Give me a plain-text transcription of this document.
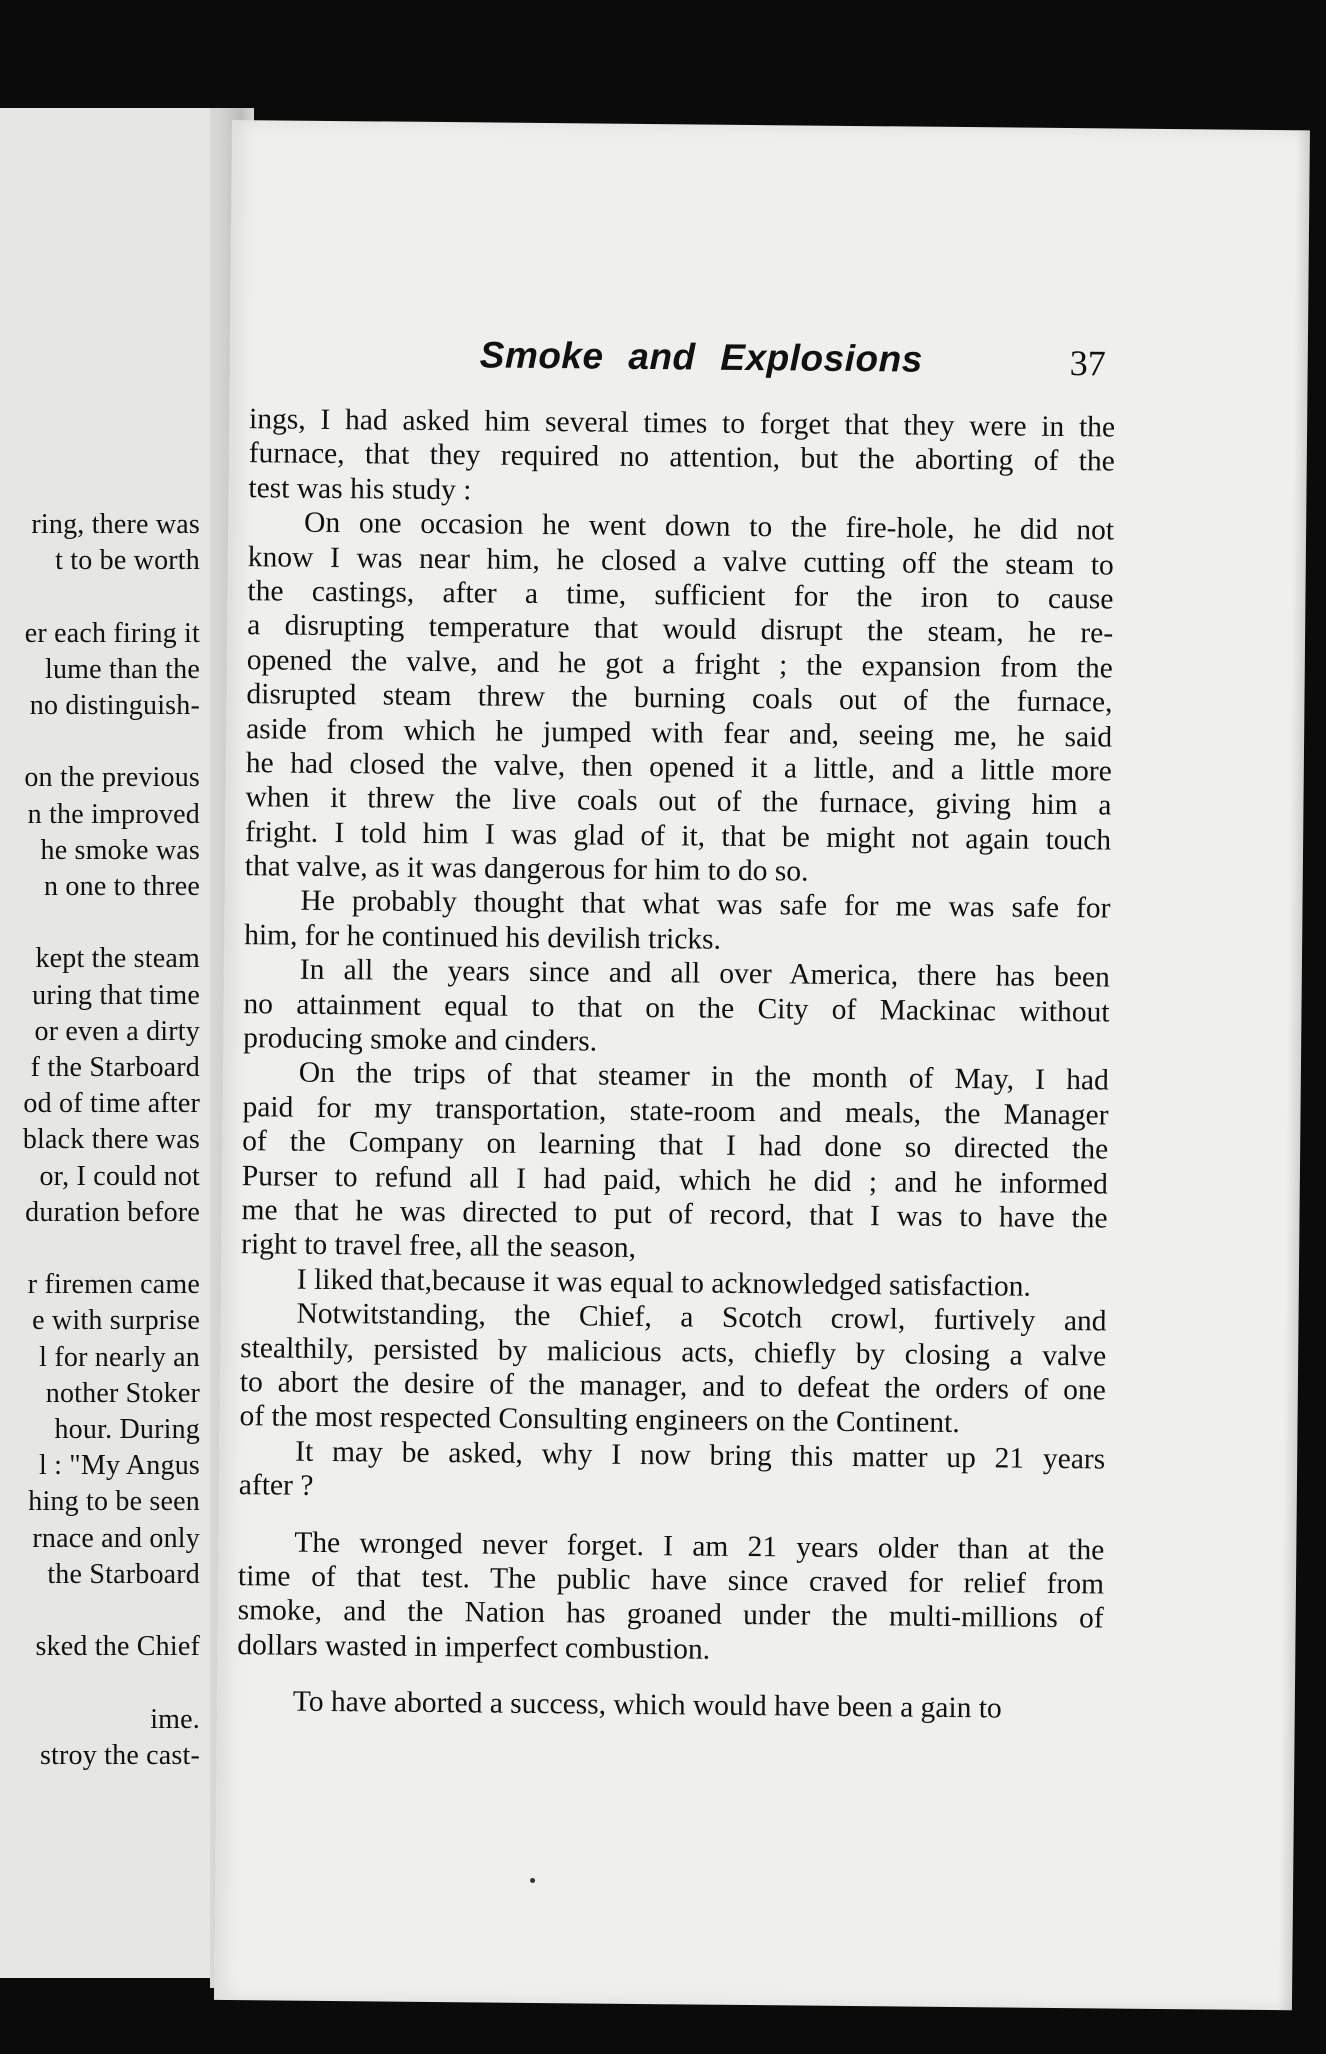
ring, there was
t to be worth
er each firing it
lume than the
no distinguish-
on the previous
n the improved
he smoke was
n one to three
kept the steam
uring that time
or even a dirty
f the Starboard
od of time after
black there was
or, I could not
duration before
r firemen came
e with surprise
l for nearly an
nother Stoker
hour. During
l : "My Angus
hing to be seen
rnace and only
the Starboard
sked the Chief
ime.
stroy the cast-
Smoke and Explosions	37
ings, I had asked him several times to forget that they were in the
furnace, that they required no attention, but the aborting of the
test was his study :
On one occasion he went down to the fire-hole, he did not
know I was near him, he closed a valve cutting off the steam to
the castings, after a time, sufficient for the iron to cause
a disrupting temperature that would disrupt the steam, he re-
opened the valve, and he got a fright ; the expansion from the
disrupted steam threw the burning coals out of the furnace,
aside from which he jumped with fear and, seeing me, he said
he had closed the valve, then opened it a little, and a little more
when it threw the live coals out of the furnace, giving him a
fright. I told him I was glad of it, that be might not again touch
that valve, as it was dangerous for him to do so.
He probably thought that what was safe for me was safe for
him, for he continued his devilish tricks.
In all the years since and all over America, there has been
no attainment equal to that on the City of Mackinac without
producing smoke and cinders.
On the trips of that steamer in the month of May, I had
paid for my transportation, state-room and meals, the Manager
of the Company on learning that I had done so directed the
Purser to refund all I had paid, which he did ; and he informed
me that he was directed to put of record, that I was to have the
right to travel free, all the season,
I liked that,because it was equal to acknowledged satisfaction.
Notwitstanding, the Chief, a Scotch crowl, furtively and
stealthily, persisted by malicious acts, chiefly by closing a valve
to abort the desire of the manager, and to defeat the orders of one
of the most respected Consulting engineers on the Continent.
It may be asked, why I now bring this matter up 21 years
after ?
The wronged never forget. I am 21 years older than at the
time of that test. The public have since craved for relief from
smoke, and the Nation has groaned under the multi-millions of
dollars wasted in imperfect combustion.
To have aborted a success, which would have been a gain to
